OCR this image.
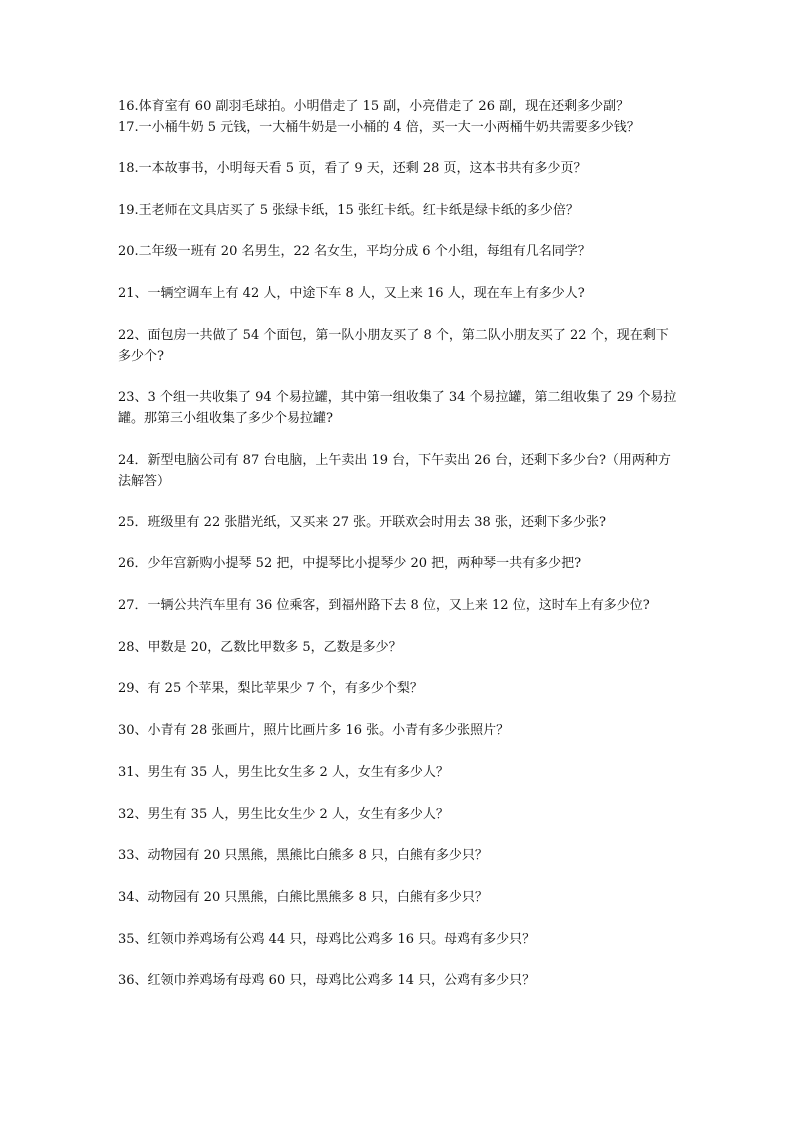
16.体育室有 60 副羽毛球拍。小明借走了 15 副，小亮借走了 26 副，现在还剩多少副？

17.一小桶牛奶 5 元钱，一大桶牛奶是一小桶的 4 倍，买一大一小两桶牛奶共需要多少钱？

18.一本故事书，小明每天看 5 页，看了 9 天，还剩 28 页，这本书共有多少页？

19.王老师在文具店买了 5 张绿卡纸，15 张红卡纸。红卡纸是绿卡纸的多少倍？

20.二年级一班有 20 名男生，22 名女生，平均分成 6 个小组，每组有几名同学？

21、一辆空调车上有 42 人，中途下车 8 人，又上来 16 人，现在车上有多少人?

22、面包房一共做了 54 个面包，第一队小朋友买了 8 个，第二队小朋友买了 22 个，现在剩下多少个?

23、3 个组一共收集了 94 个易拉罐，其中第一组收集了 34 个易拉罐，第二组收集了 29 个易拉罐。那第三小组收集了多少个易拉罐?

24．新型电脑公司有 87 台电脑，上午卖出 19 台，下午卖出 26 台，还剩下多少台?（用两种方法解答）

25．班级里有 22 张腊光纸，又买来 27 张。开联欢会时用去 38 张，还剩下多少张?

26．少年宫新购小提琴 52 把，中提琴比小提琴少 20 把，两种琴一共有多少把?

27．一辆公共汽车里有 36 位乘客，到福州路下去 8 位，又上来 12 位，这时车上有多少位?

28、甲数是 20，乙数比甲数多 5，乙数是多少？

29、有 25 个苹果，梨比苹果少 7 个，有多少个梨？

30、小青有 28 张画片，照片比画片多 16 张。小青有多少张照片？

31、男生有 35 人，男生比女生多 2 人，女生有多少人？

32、男生有 35 人，男生比女生少 2 人，女生有多少人？

33、动物园有 20 只黑熊，黑熊比白熊多 8 只，白熊有多少只？

34、动物园有 20 只黑熊，白熊比黑熊多 8 只，白熊有多少只？

35、红领巾养鸡场有公鸡 44 只，母鸡比公鸡多 16 只。母鸡有多少只？

36、红领巾养鸡场有母鸡 60 只，母鸡比公鸡多 14 只，公鸡有多少只？
